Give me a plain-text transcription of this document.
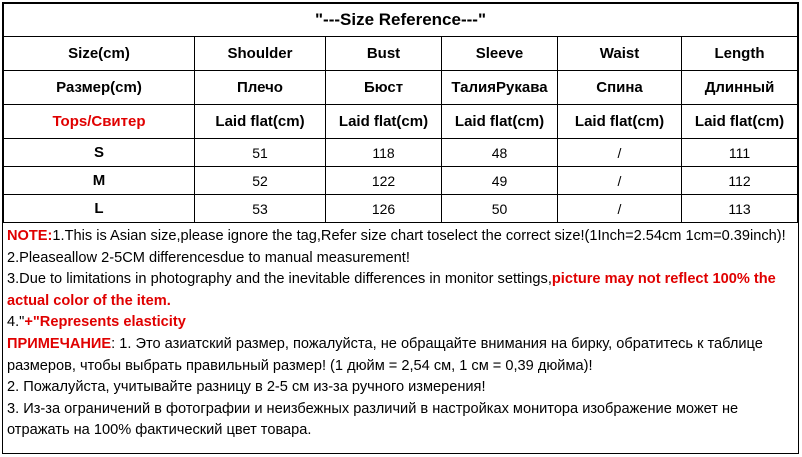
"---Size Reference---"					
Size(cm)	Shoulder	Bust	Sleeve	Waist	Length
Размер(cm)	Плечо	Бюст	ТалияРукава	Спина	Длинный
Tops/Свитер	Laid flat(cm)	Laid flat(cm)	Laid flat(cm)	Laid flat(cm)	Laid flat(cm)
S	51	118	48	/	111
M	52	122	49	/	112
L	53	126	50	/	113

NOTE:1.This is Asian size,please ignore the tag,Refer size chart toselect the correct size!(1Inch=2.54cm 1cm=0.39inch)!

2.Pleaseallow 2-5CM differencesdue to manual measurement!

3.Due to limitations in photography and the inevitable differences in monitor settings,picture may not reflect 100% the actual color of the item.

4."+"Represents elasticity

ПРИМЕЧАНИЕ: 1. Это азиатский размер, пожалуйста, не обращайте внимания на бирку, обратитесь к таблице размеров, чтобы выбрать правильный размер! (1 дюйм = 2,54 см, 1 см = 0,39 дюйма)!

2. Пожалуйста, учитывайте разницу в 2-5 см из-за ручного измерения!

3. Из-за ограничений в фотографии и неизбежных различий в настройках монитора изображение может не отражать на 100% фактический цвет товара.
